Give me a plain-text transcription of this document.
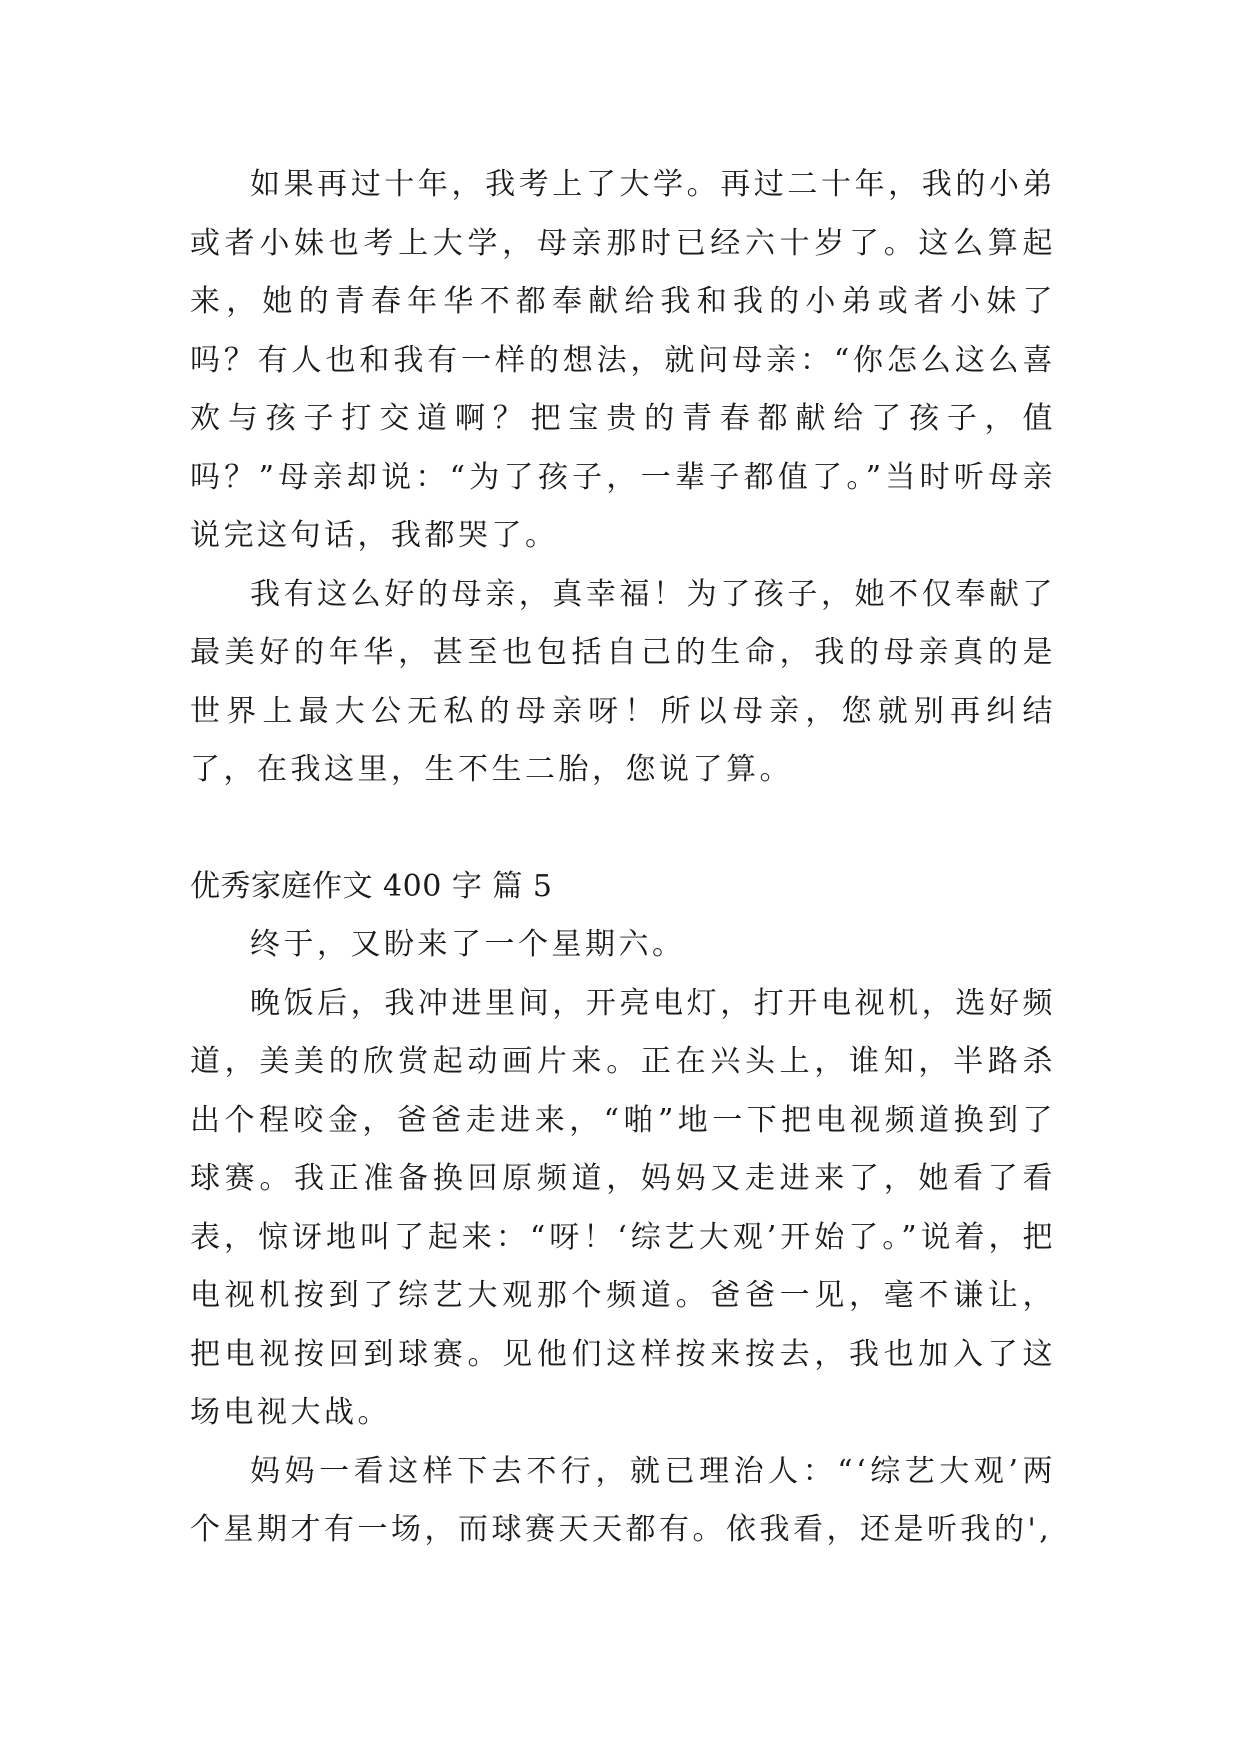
如果再过十年，我考上了大学。再过二十年，我的小弟或者小妹也考上大学，母亲那时已经六十岁了。这么算起来，她的青春年华不都奉献给我和我的小弟或者小妹了吗？有人也和我有一样的想法，就问母亲：“你怎么这么喜欢与孩子打交道啊？把宝贵的青春都献给了孩子，值吗？”母亲却说：“为了孩子，一辈子都值了。”当时听母亲说完这句话，我都哭了。

我有这么好的母亲，真幸福！为了孩子，她不仅奉献了最美好的年华，甚至也包括自己的生命，我的母亲真的是世界上最大公无私的母亲呀！所以母亲，您就别再纠结了，在我这里，生不生二胎，您说了算。

优秀家庭作文 400 字 篇 5

终于，又盼来了一个星期六。

晚饭后，我冲进里间，开亮电灯，打开电视机，选好频道，美美的欣赏起动画片来。正在兴头上，谁知，半路杀出个程咬金，爸爸走进来，“啪”地一下把电视频道换到了球赛。我正准备换回原频道，妈妈又走进来了，她看了看表，惊讶地叫了起来：“呀！‘综艺大观’开始了。”说着，把电视机按到了综艺大观那个频道。爸爸一见，毫不谦让，把电视按回到球赛。见他们这样按来按去，我也加入了这场电视大战。

妈妈一看这样下去不行，就已理治人：“‘综艺大观’两个星期才有一场，而球赛天天都有。依我看，还是听我的',
